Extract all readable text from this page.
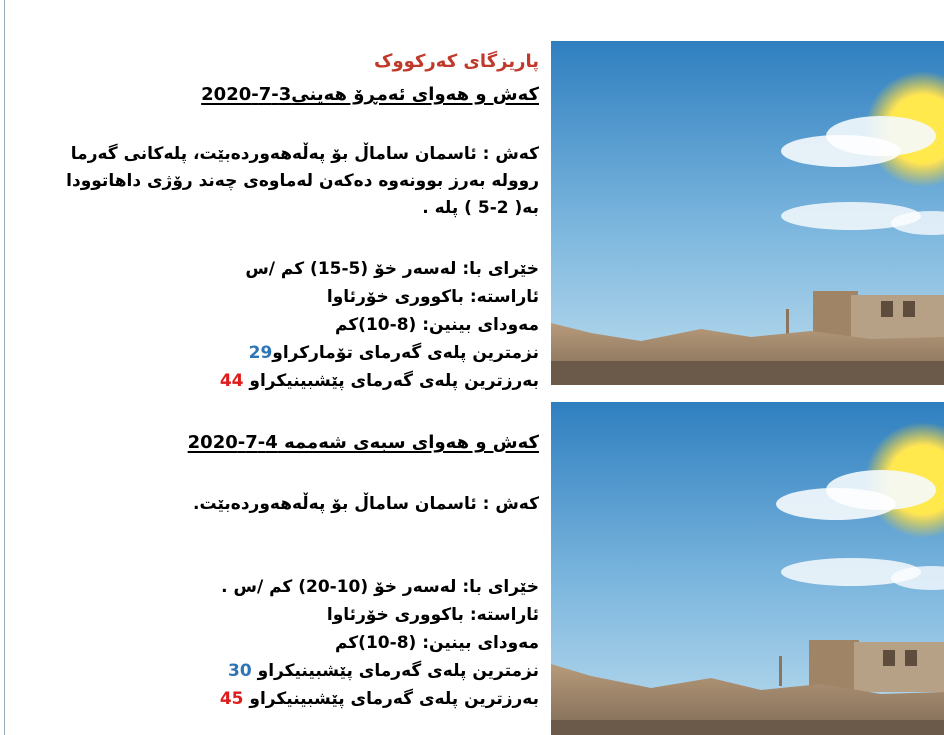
پاریزگای کەرکووک
کەش و هەوای ئەمڕۆ هەینی3-7-2020
کەش : ئاسمان ساماڵ بۆ پەڵەهەوردەبێت، پلەکانی گەرما رووله بەرز بوونەوه دەکەن لەماوەی چەند رۆژی داهاتوودا بە( 2-5 ) پله .
خێرای با: لەسەر خۆ (5-15) کم /س
ئاراستە: باکووری خۆرئاوا
مەودای بینین: (8-10)کم
نزمترین پلەی گەرمای تۆمارکراو29
بەرزترین پلەی گەرمای پێشبینیکراو 44
کەش و هەوای سبەی شەممە 4-7-2020
کەش : ئاسمان ساماڵ بۆ پەڵەهەوردەبێت.
خێرای با: لەسەر خۆ (10-20) کم /س .
ئاراستە: باکووری خۆرئاوا
مەودای بینین: (8-10)کم
نزمترین پلەی گەرمای پێشبینیکراو 30
بەرزترین پلەی گەرمای پێشبینیکراو 45
